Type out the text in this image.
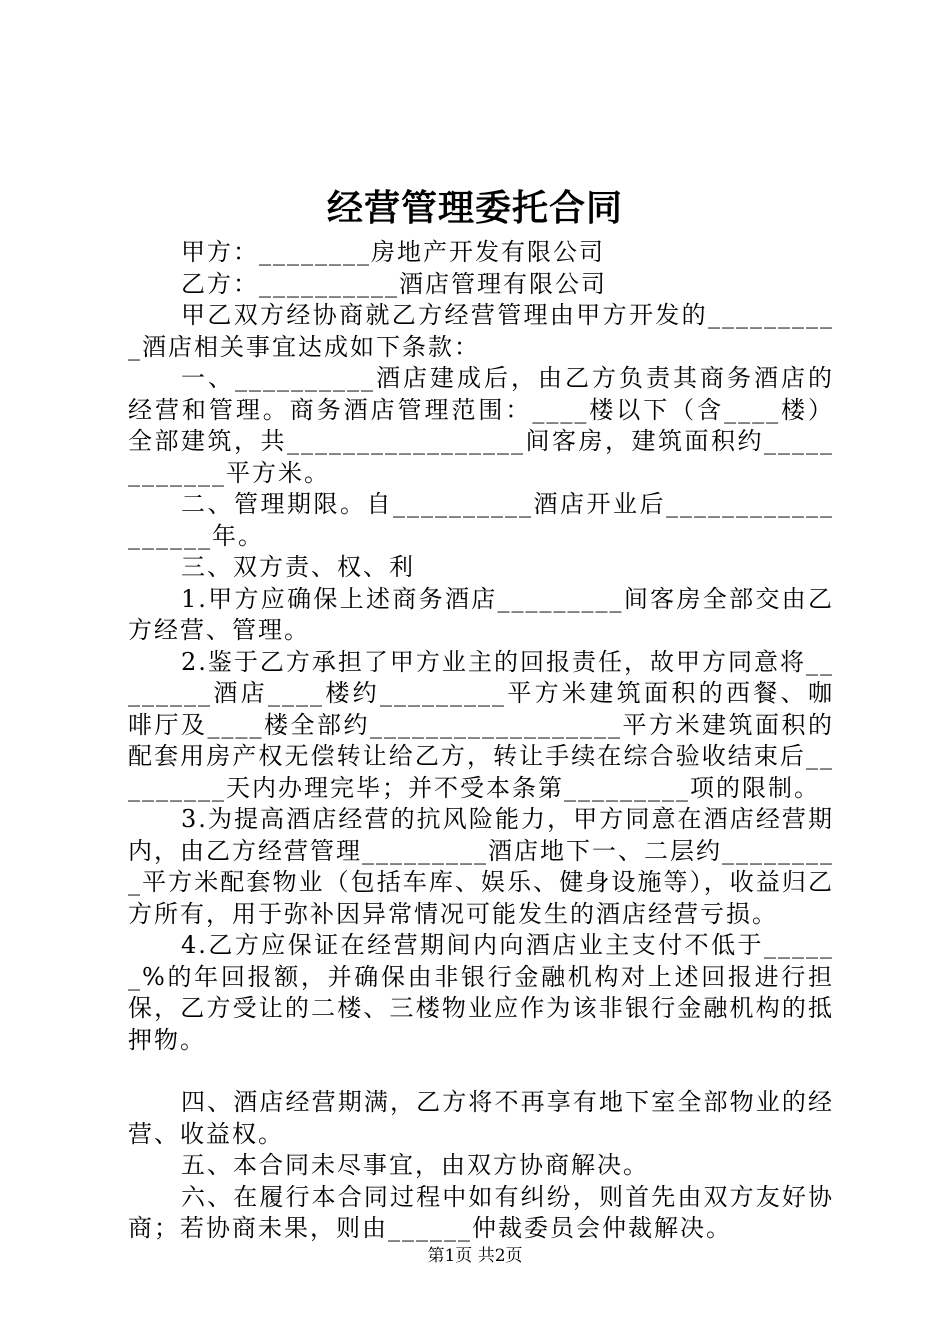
经营管理委托合同

甲方：________房地产开发有限公司

乙方：__________酒店管理有限公司

甲乙双方经协商就乙方经营管理由甲方开发的__________酒店相关事宜达成如下条款：

一、__________酒店建成后，由乙方负责其商务酒店的经营和管理。商务酒店管理范围：____楼以下（含____楼）全部建筑，共_________________间客房，建筑面积约____________平方米。

二、管理期限。自__________酒店开业后__________________年。

三、双方责、权、利

1.甲方应确保上述商务酒店_________间客房全部交由乙方经营、管理。

2.鉴于乙方承担了甲方业主的回报责任，故甲方同意将________酒店____楼约_________平方米建筑面积的西餐、咖啡厅及____楼全部约__________________平方米建筑面积的配套用房产权无偿转让给乙方，转让手续在综合验收结束后_________天内办理完毕；并不受本条第_________项的限制。

3.为提高酒店经营的抗风险能力，甲方同意在酒店经营期内，由乙方经营管理_________酒店地下一、二层约_________平方米配套物业（包括车库、娱乐、健身设施等），收益归乙方所有，用于弥补因异常情况可能发生的酒店经营亏损。

4.乙方应保证在经营期间内向酒店业主支付不低于______%的年回报额，并确保由非银行金融机构对上述回报进行担保，乙方受让的二楼、三楼物业应作为该非银行金融机构的抵押物。

四、酒店经营期满，乙方将不再享有地下室全部物业的经营、收益权。

五、本合同未尽事宜，由双方协商解决。

六、在履行本合同过程中如有纠纷，则首先由双方友好协商；若协商未果，则由______仲裁委员会仲裁解决。

第1页 共2页
